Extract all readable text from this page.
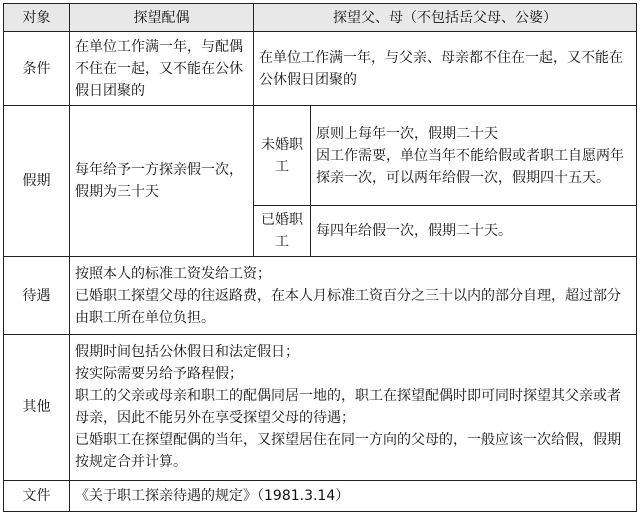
对象	探望配偶	探望父、母（不包括岳父母、公婆）	
条件	在单位工作满一年，与配偶不住在一起，又不能在公休假日团聚的	在单位工作满一年，与父亲、母亲都不住在一起，又不能在公休假日团聚的	
假期	每年给予一方探亲假一次，假期为三十天	未婚职工	原则上每年一次，假期二十天
因工作需要，单位当年不能给假或者职工自愿两年探亲一次，可以两年给假一次，假期四十五天。

		已婚职工	每四年给假一次，假期二十天。
待遇	按照本人的标准工资发给工资；
已婚职工探望父母的往返路费，在本人月标准工资百分之三十以内的部分自理，超过部分由职工所在单位负担。		

其他	假期时间包括公休假日和法定假日；
按实际需要另给予路程假；
职工的父亲或母亲和职工的配偶同居一地的，职工在探望配偶时即可同时探望其父亲或者母亲，因此不能另外在享受探望父母的待遇；
已婚职工在探望配偶的当年，又探望居住在同一方向的父母的，一般应该一次给假，假期按规定合并计算。		

文件	《关于职工探亲待遇的规定》（1981.3.14）		
